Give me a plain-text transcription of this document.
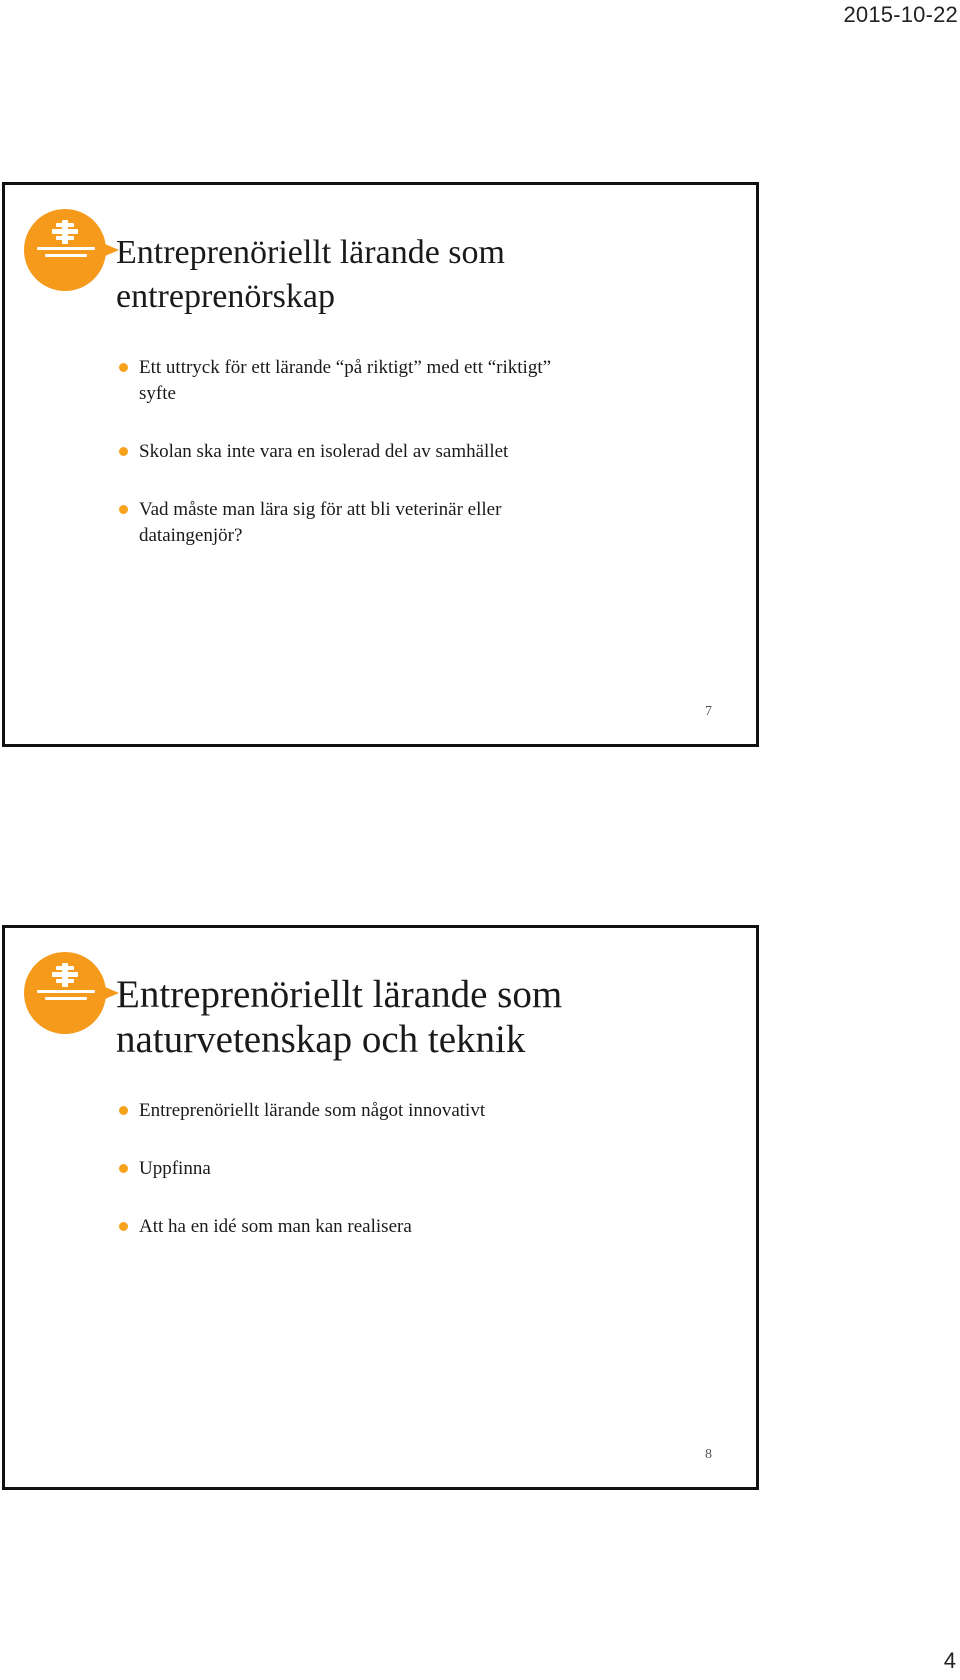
2015-10-22
Entreprenöriellt lärande som
entreprenörskap
Ett uttryck för ett lärande “på riktigt” med ett “riktigt”
syfte
Skolan ska inte vara en isolerad del av samhället
Vad måste man lära sig för att bli veterinär eller
dataingenjör?
7
Entreprenöriellt lärande som
naturvetenskap och teknik
Entreprenöriellt lärande som något innovativt
Uppfinna
Att ha en idé som man kan realisera
8
4
